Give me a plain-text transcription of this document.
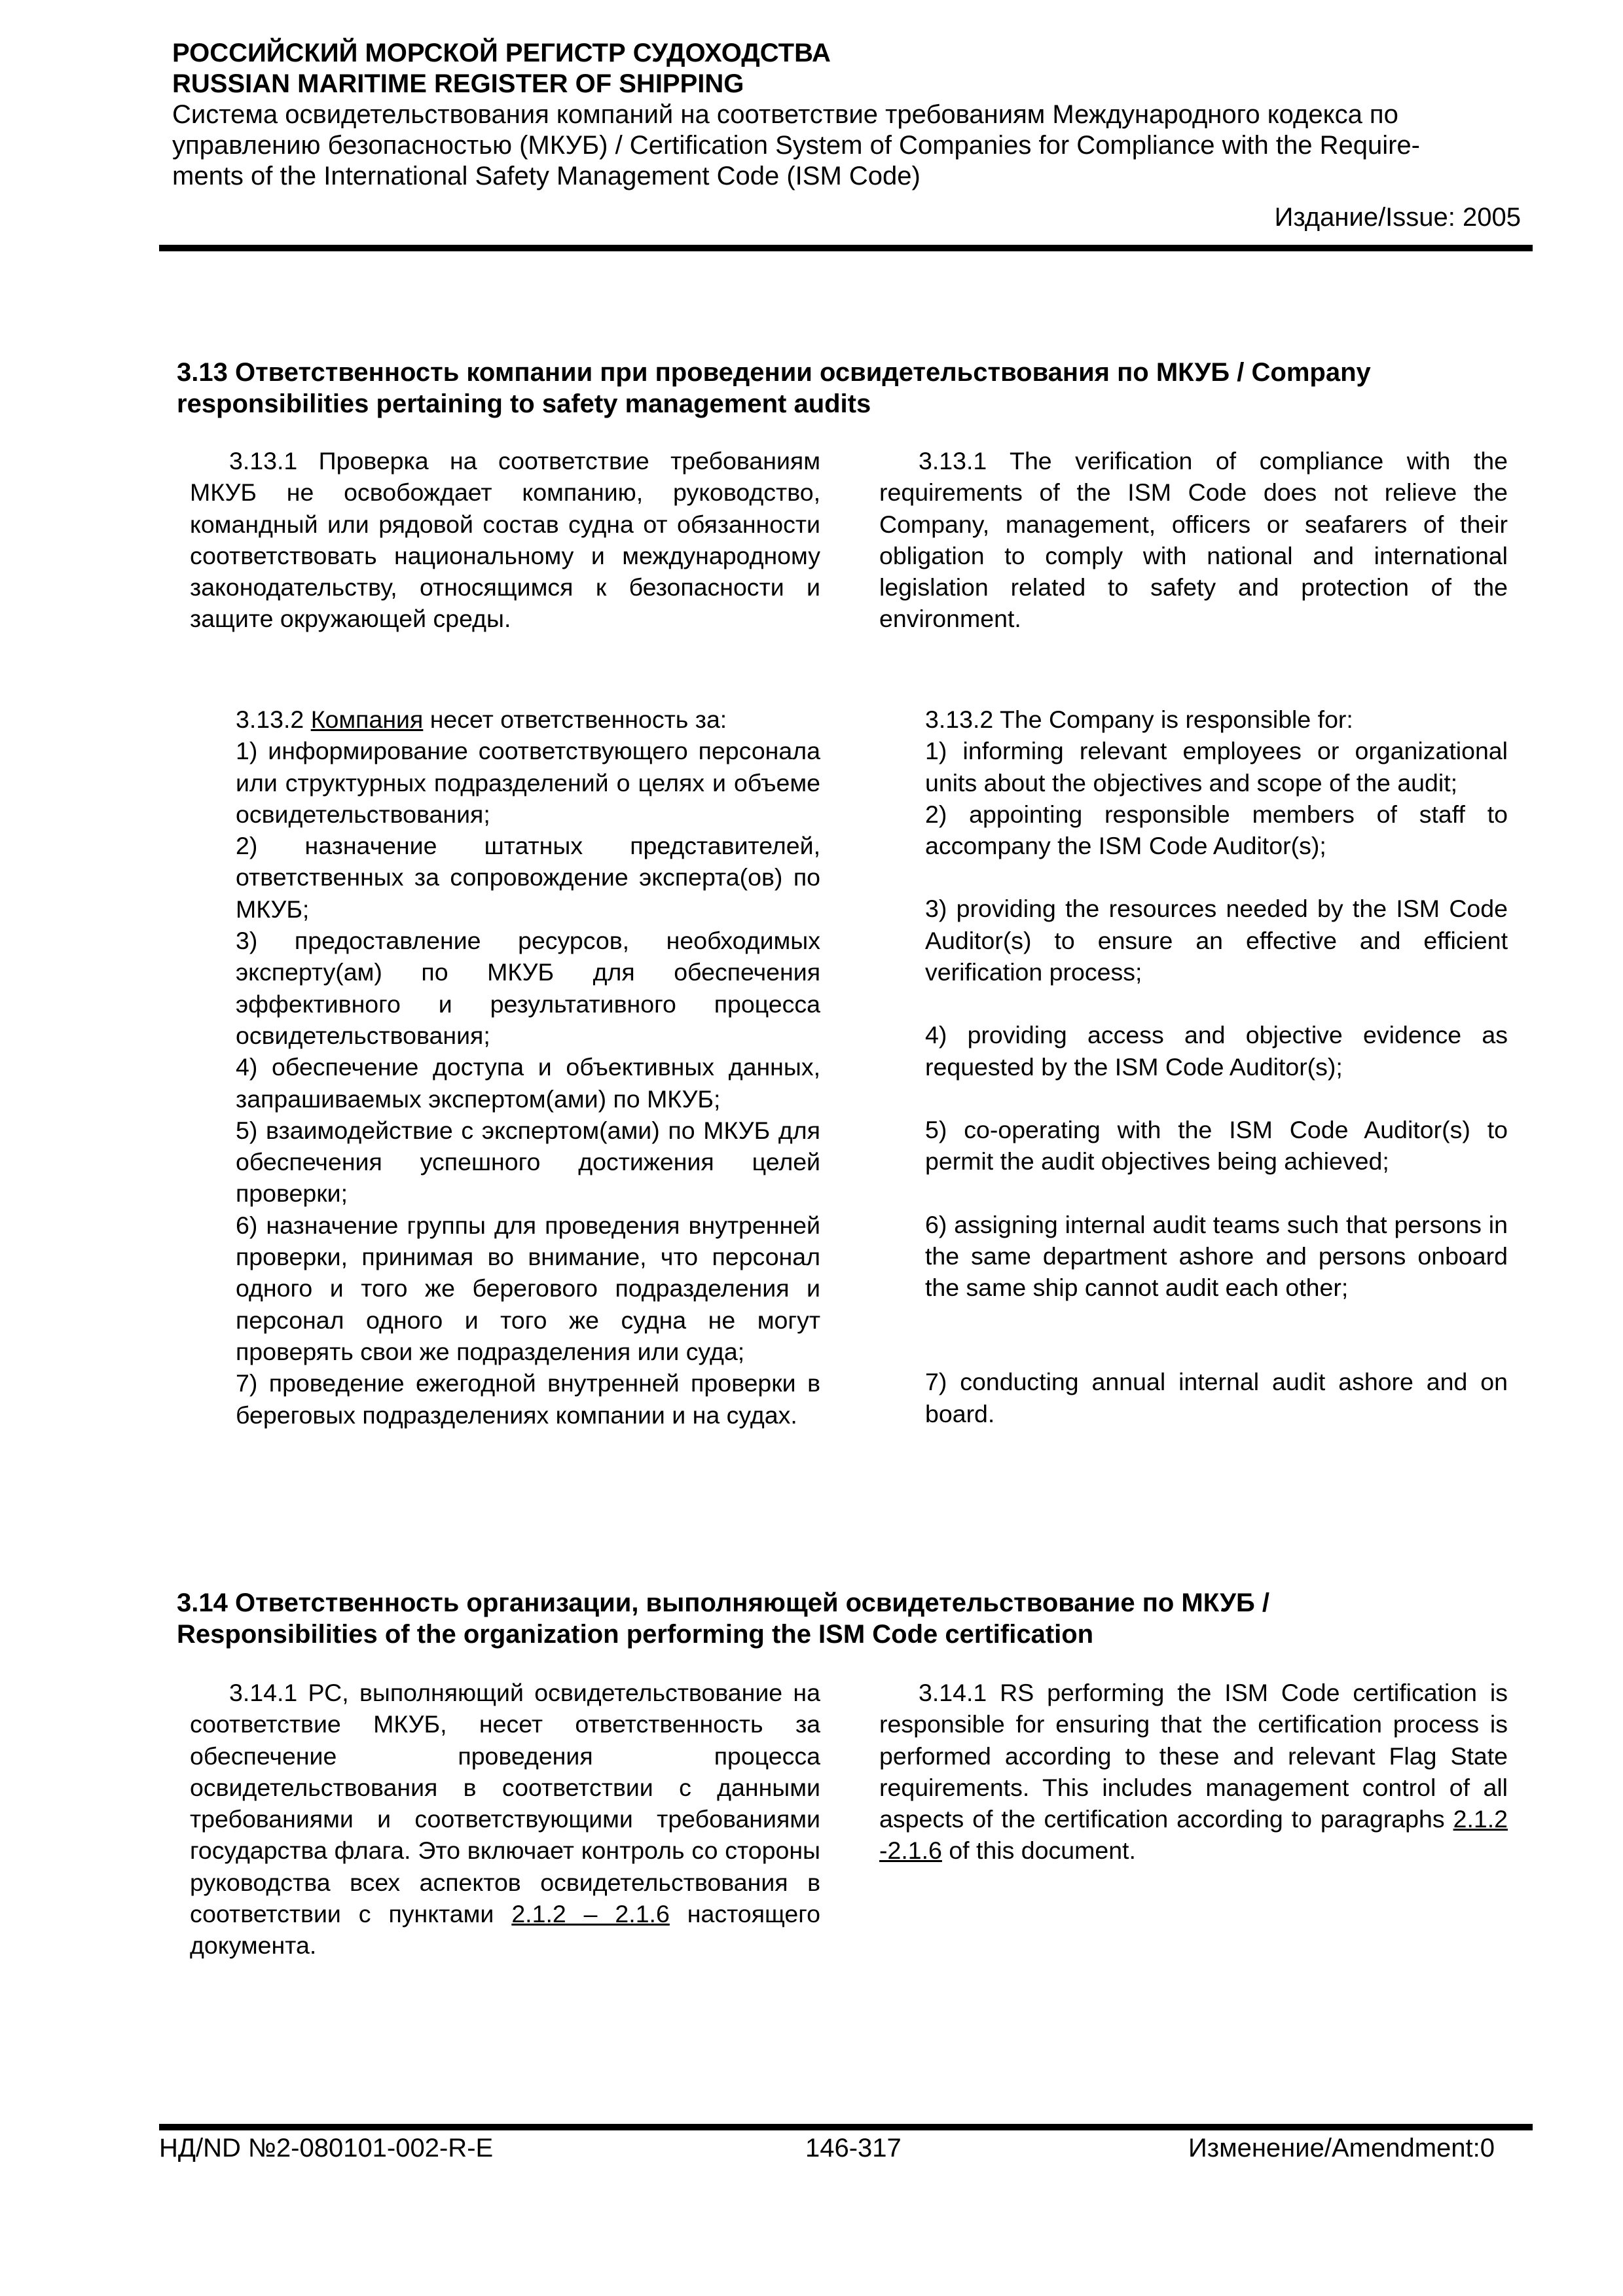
РОССИЙСКИЙ МОРСКОЙ РЕГИСТР СУДОХОДСТВА
RUSSIAN MARITIME REGISTER OF SHIPPING
Система освидетельствования компаний на соответствие требованиям Международного кодекса по
управлению безопасностью (МКУБ) / Certification System of Companies for Compliance with the Require-
ments of the International Safety Management Code (ISM Code)
Издание/Issue: 2005
3.13 Ответственность компании при проведении освидетельствования по МКУБ / Company
responsibilities pertaining to safety management audits

3.13.1 Проверка на соответствие требованиям МКУБ не освобождает компанию, руководство, командный или рядовой состав судна от обязанности соответствовать национальному и международному законодательству, относящимся к безопасности и защите окружающей среды.

3.13.1 The verification of compliance with the requirements of the ISM Code does not relieve the Company, management, officers or seafarers of their obligation to comply with national and international legislation related to safety and protection of the environment.

3.13.2 Компания несет ответственность за:

1) информирование соответствующего персонала или структурных подразделений о целях и объеме освидетельствования;

2) назначение штатных представителей, ответственных за сопровождение эксперта(ов) по МКУБ;

3) предоставление ресурсов, необходимых эксперту(ам) по МКУБ для обеспечения эффективного и результативного процесса освидетельствования;

4) обеспечение доступа и объективных данных, запрашиваемых экспертом(ами) по МКУБ;

5) взаимодействие с экспертом(ами) по МКУБ для обеспечения успешного достижения целей проверки;

6) назначение группы для проведения внутренней проверки, принимая во внимание, что персонал одного и того же берегового подразделения и персонал одного и того же судна не могут проверять свои же подразделения или суда;

7) проведение ежегодной внутренней проверки в береговых подразделениях компании и на судах.

3.13.2 The Company is responsible for:

1) informing relevant employees or organizational units about the objectives and scope of the audit;

2) appointing responsible members of staff to accompany the ISM Code Auditor(s);

3) providing the resources needed by the ISM Code Auditor(s) to ensure an effective and efficient verification process;

4) providing access and objective evidence as requested by the ISM Code Auditor(s);

5) co-operating with the ISM Code Auditor(s) to permit the audit objectives being achieved;

6) assigning internal audit teams such that persons in the same department ashore and persons onboard the same ship cannot audit each other;

7) conducting annual internal audit ashore and on board.

3.14 Ответственность организации, выполняющей освидетельствование по МКУБ /
Responsibilities of the organization performing the ISM Code certification

3.14.1 РС, выполняющий освидетельствование на соответствие МКУБ, несет ответственность за обеспечение проведения процесса освидетельствования в соответствии с данными требованиями и соответствующими требованиями государства флага. Это включает контроль со стороны руководства всех аспектов освидетельствования в соответствии с пунктами 2.1.2 – 2.1.6 настоящего документа.

3.14.1 RS performing the ISM Code certification is responsible for ensuring that the certification process is performed according to these and relevant Flag State requirements. This includes management control of all aspects of the certification according to paragraphs 2.1.2 -2.1.6 of this document.

НД/ND №2-080101-002-R-E	146-317	Изменение/Amendment:0
